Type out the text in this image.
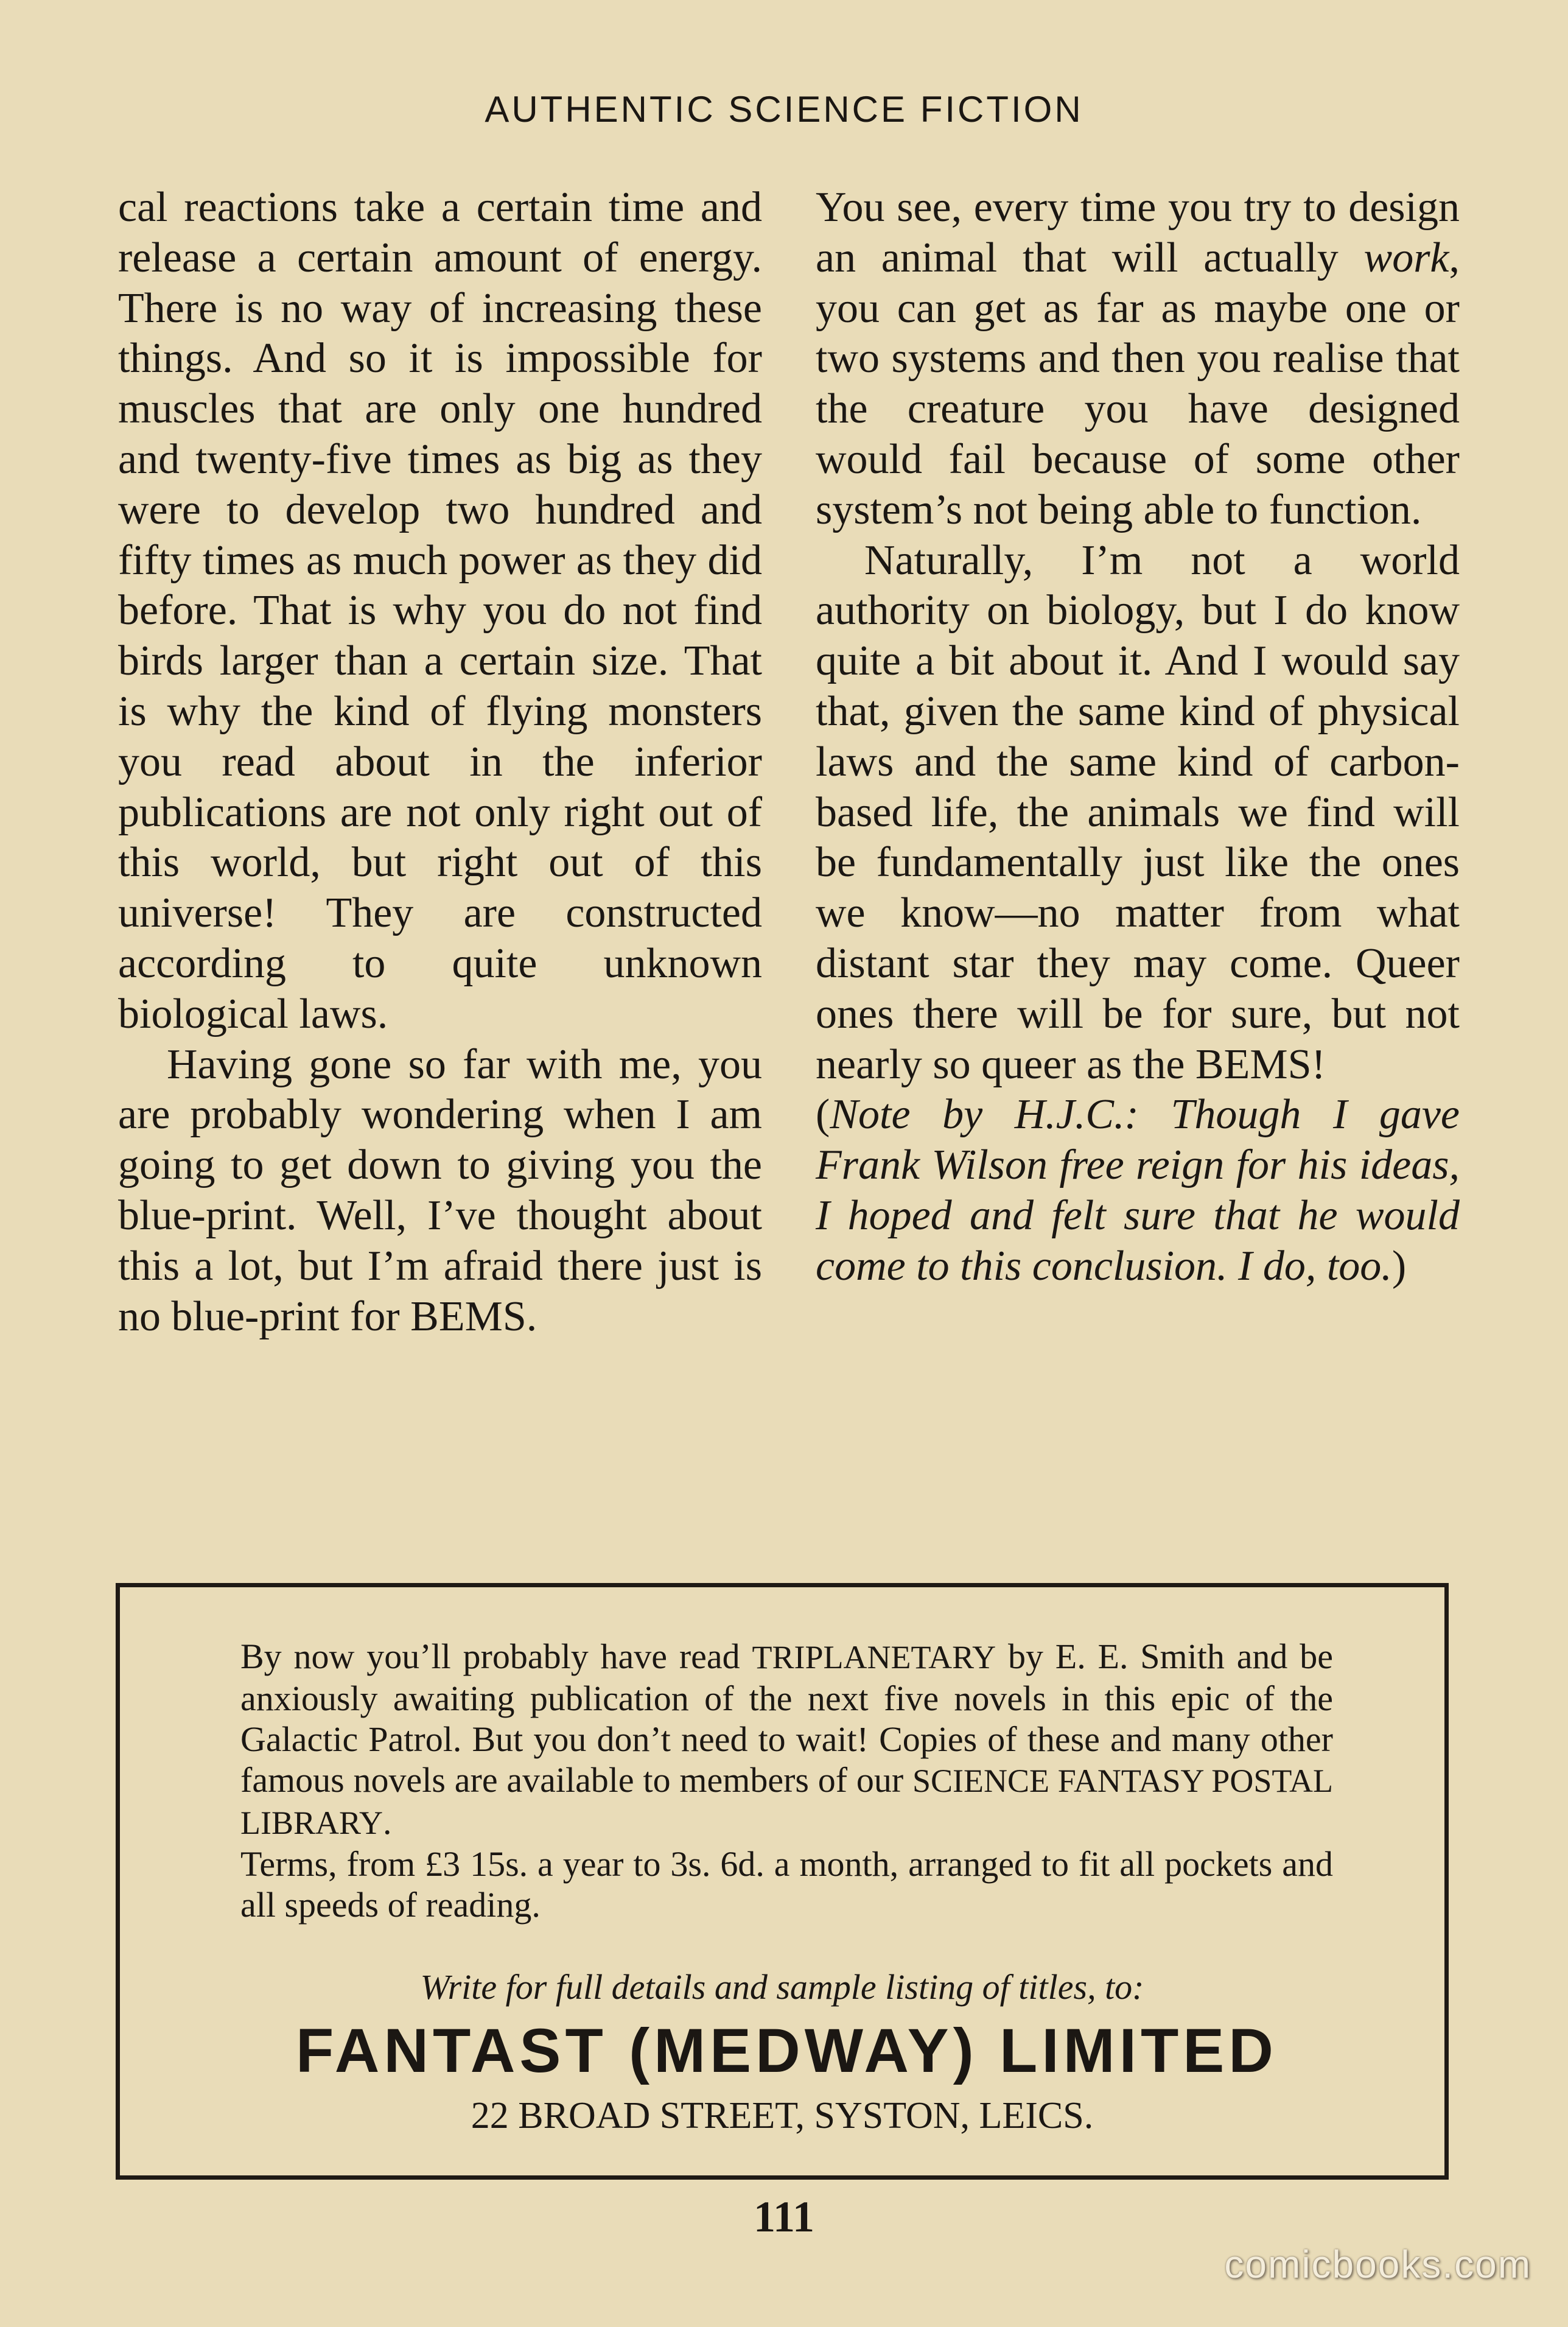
AUTHENTIC SCIENCE FICTION

cal reactions take a certain time and release a certain amount of energy. There is no way of increasing these things. And so it is impossible for muscles that are only one hundred and twenty-five times as big as they were to develop two hundred and fifty times as much power as they did before. That is why you do not find birds larger than a certain size. That is why the kind of flying monsters you read about in the inferior publications are not only right out of this world, but right out of this universe! They are constructed according to quite unknown biological laws.

Having gone so far with me, you are probably wondering when I am going to get down to giving you the blue-print. Well, I’ve thought about this a lot, but I’m afraid there just is no blue-print for BEMS.

You see, every time you try to design an animal that will actually work, you can get as far as maybe one or two systems and then you realise that the creature you have designed would fail because of some other system’s not being able to function.

Naturally, I’m not a world authority on biology, but I do know quite a bit about it. And I would say that, given the same kind of physical laws and the same kind of carbon-based life, the animals we find will be fundamentally just like the ones we know—no matter from what distant star they may come. Queer ones there will be for sure, but not nearly so queer as the BEMS!

(Note by H.J.C.: Though I gave Frank Wilson free reign for his ideas, I hoped and felt sure that he would come to this conclusion. I do, too.)

By now you’ll probably have read TRIPLANETARY by E. E. Smith and be anxiously awaiting publication of the next five novels in this epic of the Galactic Patrol. But you don’t need to wait! Copies of these and many other famous novels are available to members of our SCIENCE FANTASY POSTAL LIBRARY.

Terms, from £3 15s. a year to 3s. 6d. a month, arranged to fit all pockets and all speeds of reading.

Write for full details and sample listing of titles, to:
FANTAST (MEDWAY) LIMITED
22 BROAD STREET, SYSTON, LEICS.
111
comicbooks.com
